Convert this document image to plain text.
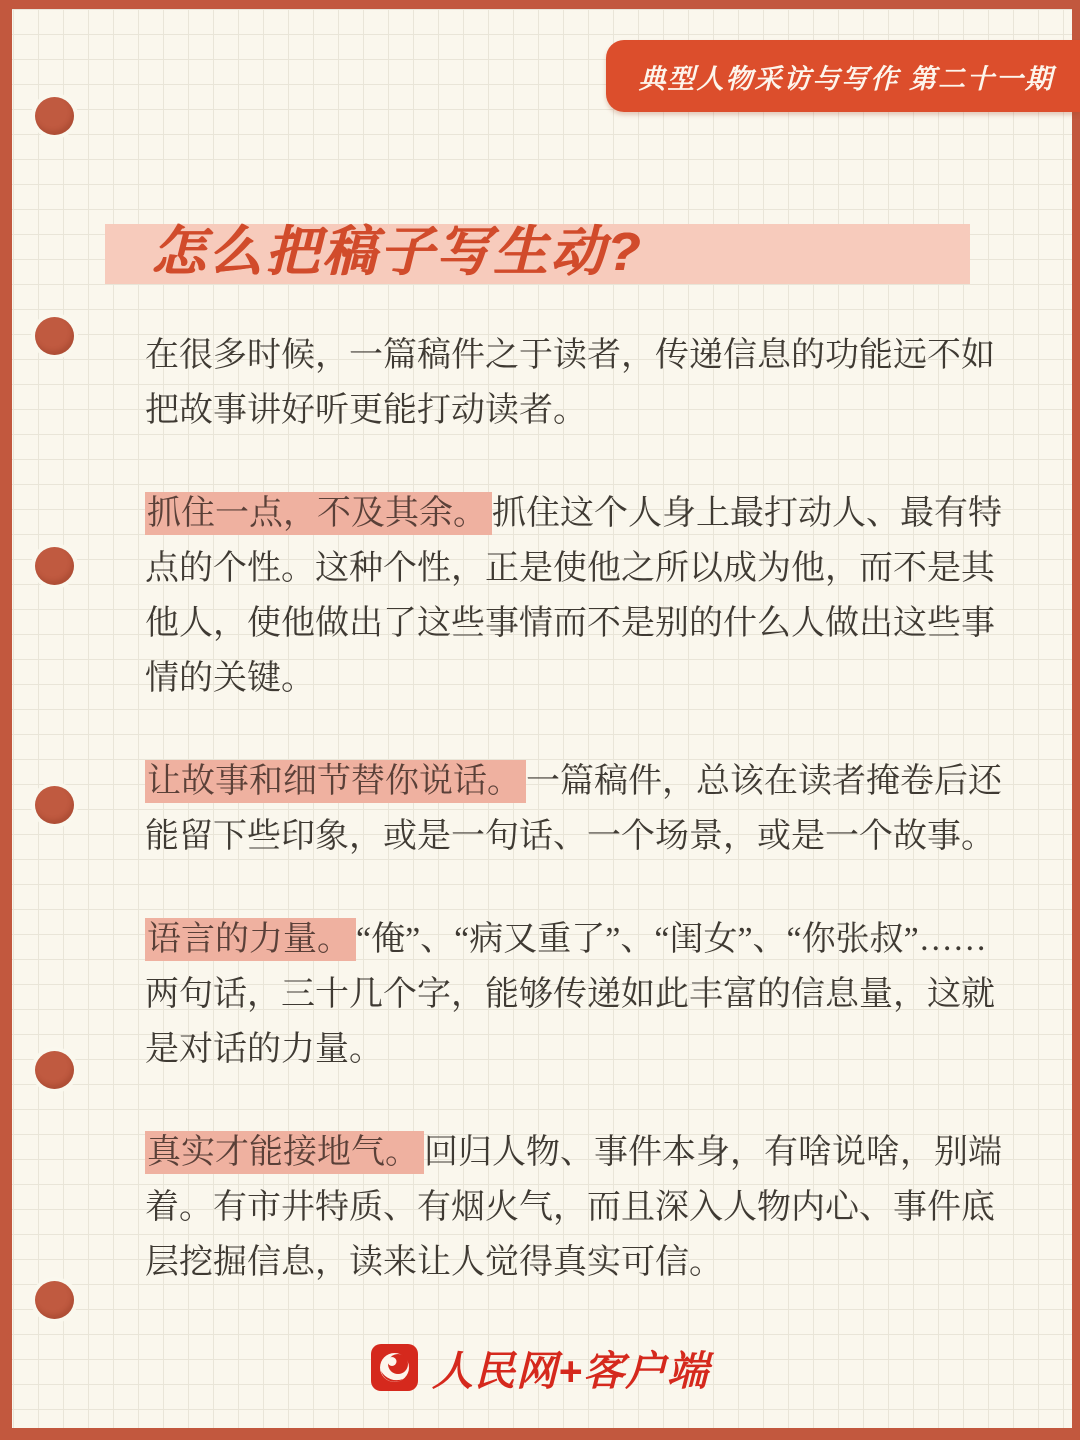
典型人物采访与写作 第二十一期
怎么把稿子写生动?

在很多时候，一篇稿件之于读者，传递信息的功能远不如把故事讲好听更能打动读者。

抓住一点，不及其余。 抓住这个人身上最打动人、最有特点的个性。这种个性，正是使他之所以成为他，而不是其他人，使他做出了这些事情而不是别的什么人做出这些事情的关键。

让故事和细节替你说话。 一篇稿件，总该在读者掩卷后还能留下些印象，或是一句话、一个场景，或是一个故事。

语言的力量。 “俺”、“病又重了”、“闺女”、“你张叔”……两句话，三十几个字，能够传递如此丰富的信息量，这就是对话的力量。

真实才能接地气。 回归人物、事件本身，有啥说啥，别端着。有市井特质、有烟火气，而且深入人物内心、事件底层挖掘信息，读来让人觉得真实可信。

人民网+客户端
